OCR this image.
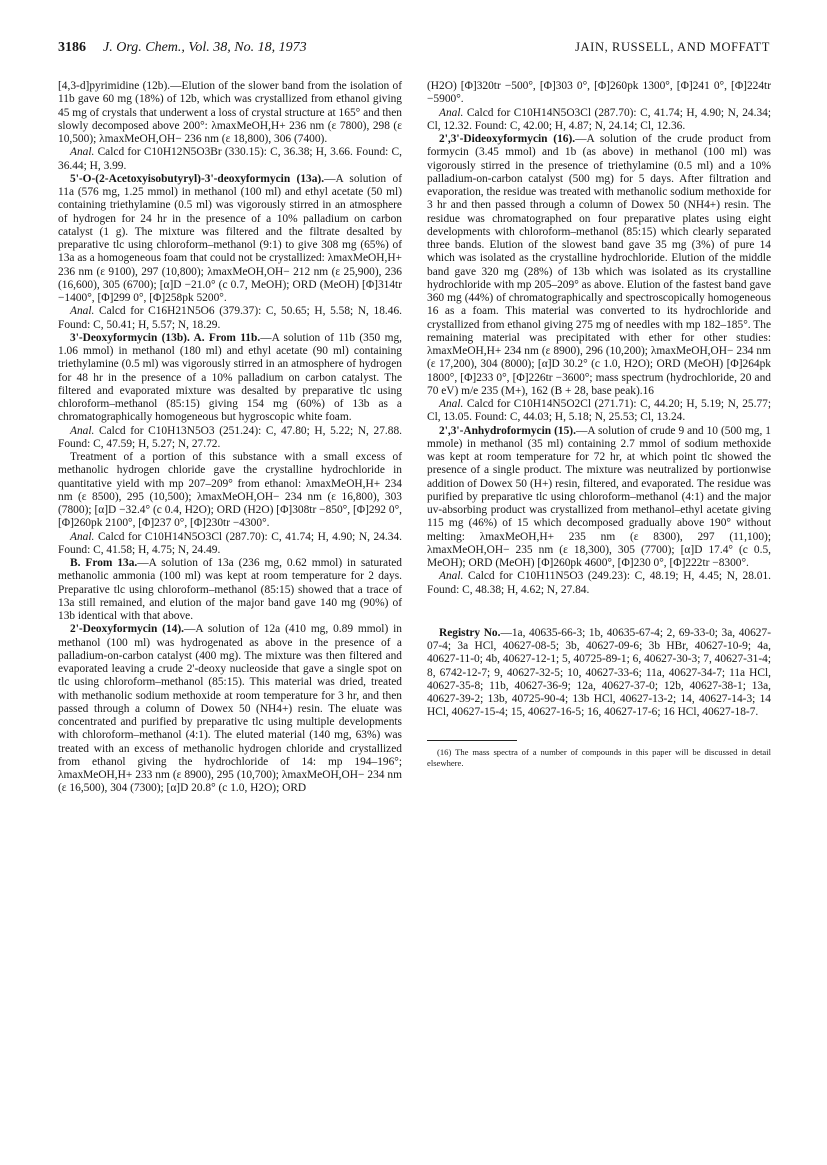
3186 J. Org. Chem., Vol. 38, No. 18, 1973	JAIN, RUSSELL, AND MOFFATT

[4,3-d]pyrimidine (12b).—Elution of the slower band from the isolation of 11b gave 60 mg (18%) of 12b, which was crystallized from ethanol giving 45 mg of crystals that underwent a loss of crystal structure at 165° and then slowly decomposed above 200°: λmaxMeOH,H+ 236 nm (ε 7800), 298 (ε 10,500); λmaxMeOH,OH− 236 nm (ε 18,800), 306 (7400).

Anal. Calcd for C10H12N5O3Br (330.15): C, 36.38; H, 3.66. Found: C, 36.44; H, 3.99.

5'-O-(2-Acetoxyisobutyryl)-3'-deoxyformycin (13a).—A solution of 11a (576 mg, 1.25 mmol) in methanol (100 ml) and ethyl acetate (50 ml) containing triethylamine (0.5 ml) was vigorously stirred in an atmosphere of hydrogen for 24 hr in the presence of a 10% palladium on carbon catalyst (1 g). The mixture was filtered and the filtrate desalted by preparative tlc using chloroform–methanol (9:1) to give 308 mg (65%) of 13a as a homogeneous foam that could not be crystallized: λmaxMeOH,H+ 236 nm (ε 9100), 297 (10,800); λmaxMeOH,OH− 212 nm (ε 25,900), 236 (16,600), 305 (6700); [α]D −21.0° (c 0.7, MeOH); ORD (MeOH) [Φ]314tr −1400°, [Φ]299 0°, [Φ]258pk 5200°.

Anal. Calcd for C16H21N5O6 (379.37): C, 50.65; H, 5.58; N, 18.46. Found: C, 50.41; H, 5.57; N, 18.29.

3'-Deoxyformycin (13b). A. From 11b.—A solution of 11b (350 mg, 1.06 mmol) in methanol (180 ml) and ethyl acetate (90 ml) containing triethylamine (0.5 ml) was vigorously stirred in an atmosphere of hydrogen for 48 hr in the presence of a 10% palladium on carbon catalyst. The filtered and evaporated mixture was desalted by preparative tlc using chloroform–methanol (85:15) giving 154 mg (60%) of 13b as a chromatographically homogeneous but hygroscopic white foam.

Anal. Calcd for C10H13N5O3 (251.24): C, 47.80; H, 5.22; N, 27.88. Found: C, 47.59; H, 5.27; N, 27.72.

Treatment of a portion of this substance with a small excess of methanolic hydrogen chloride gave the crystalline hydrochloride in quantitative yield with mp 207–209° from ethanol: λmaxMeOH,H+ 234 nm (ε 8500), 295 (10,500); λmaxMeOH,OH− 234 nm (ε 16,800), 303 (7800); [α]D −32.4° (c 0.4, H2O); ORD (H2O) [Φ]308tr −850°, [Φ]292 0°, [Φ]260pk 2100°, [Φ]237 0°, [Φ]230tr −4300°.

Anal. Calcd for C10H14N5O3Cl (287.70): C, 41.74; H, 4.90; N, 24.34. Found: C, 41.58; H, 4.75; N, 24.49.

B. From 13a.—A solution of 13a (236 mg, 0.62 mmol) in saturated methanolic ammonia (100 ml) was kept at room temperature for 2 days. Preparative tlc using chloroform–methanol (85:15) showed that a trace of 13a still remained, and elution of the major band gave 140 mg (90%) of 13b identical with that above.

2'-Deoxyformycin (14).—A solution of 12a (410 mg, 0.89 mmol) in methanol (100 ml) was hydrogenated as above in the presence of a palladium-on-carbon catalyst (400 mg). The mixture was then filtered and evaporated leaving a crude 2'-deoxy nucleoside that gave a single spot on tlc using chloroform–methanol (85:15). This material was dried, treated with methanolic sodium methoxide at room temperature for 3 hr, and then passed through a column of Dowex 50 (NH4+) resin. The eluate was concentrated and purified by preparative tlc using multiple developments with chloroform–methanol (4:1). The eluted material (140 mg, 63%) was treated with an excess of methanolic hydrogen chloride and crystallized from ethanol giving the hydrochloride of 14: mp 194–196°; λmaxMeOH,H+ 233 nm (ε 8900), 295 (10,700); λmaxMeOH,OH− 234 nm (ε 16,500), 304 (7300); [α]D 20.8° (c 1.0, H2O); ORD

(H2O) [Φ]320tr −500°, [Φ]303 0°, [Φ]260pk 1300°, [Φ]241 0°, [Φ]224tr −5900°.

Anal. Calcd for C10H14N5O3Cl (287.70): C, 41.74; H, 4.90; N, 24.34; Cl, 12.32. Found: C, 42.00; H, 4.87; N, 24.14; Cl, 12.36.

2',3'-Dideoxyformycin (16).—A solution of the crude product from formycin (3.45 mmol) and 1b (as above) in methanol (100 ml) was vigorously stirred in the presence of triethylamine (0.5 ml) and a 10% palladium-on-carbon catalyst (500 mg) for 5 days. After filtration and evaporation, the residue was treated with methanolic sodium methoxide for 3 hr and then passed through a column of Dowex 50 (NH4+) resin. The residue was chromatographed on four preparative plates using eight developments with chloroform–methanol (85:15) which clearly separated three bands. Elution of the slowest band gave 35 mg (3%) of pure 14 which was isolated as the crystalline hydrochloride. Elution of the middle band gave 320 mg (28%) of 13b which was isolated as its crystalline hydrochloride with mp 205–209° as above. Elution of the fastest band gave 360 mg (44%) of chromatographically and spectroscopically homogeneous 16 as a foam. This material was converted to its hydrochloride and crystallized from ethanol giving 275 mg of needles with mp 182–185°. The remaining material was precipitated with ether for other studies: λmaxMeOH,H+ 234 nm (ε 8900), 296 (10,200); λmaxMeOH,OH− 234 nm (ε 17,200), 304 (8000); [α]D 30.2° (c 1.0, H2O); ORD (MeOH) [Φ]264pk 1800°, [Φ]233 0°, [Φ]226tr −3600°; mass spectrum (hydrochloride, 20 and 70 eV) m/e 235 (M+), 162 (B + 28, base peak).16

Anal. Calcd for C10H14N5O2Cl (271.71): C, 44.20; H, 5.19; N, 25.77; Cl, 13.05. Found: C, 44.03; H, 5.18; N, 25.53; Cl, 13.24.

2',3'-Anhydroformycin (15).—A solution of crude 9 and 10 (500 mg, 1 mmole) in methanol (35 ml) containing 2.7 mmol of sodium methoxide was kept at room temperature for 72 hr, at which point tlc showed the presence of a single product. The mixture was neutralized by portionwise addition of Dowex 50 (H+) resin, filtered, and evaporated. The residue was purified by preparative tlc using chloroform–methanol (4:1) and the major uv-absorbing product was crystallized from methanol–ethyl acetate giving 115 mg (46%) of 15 which decomposed gradually above 190° without melting: λmaxMeOH,H+ 235 nm (ε 8300), 297 (11,100); λmaxMeOH,OH− 235 nm (ε 18,300), 305 (7700); [α]D 17.4° (c 0.5, MeOH); ORD (MeOH) [Φ]260pk 4600°, [Φ]230 0°, [Φ]222tr −8300°.

Anal. Calcd for C10H11N5O3 (249.23): C, 48.19; H, 4.45; N, 28.01. Found: C, 48.38; H, 4.62; N, 27.84.

Registry No.—1a, 40635-66-3; 1b, 40635-67-4; 2, 69-33-0; 3a, 40627-07-4; 3a HCl, 40627-08-5; 3b, 40627-09-6; 3b HBr, 40627-10-9; 4a, 40627-11-0; 4b, 40627-12-1; 5, 40725-89-1; 6, 40627-30-3; 7, 40627-31-4; 8, 6742-12-7; 9, 40627-32-5; 10, 40627-33-6; 11a, 40627-34-7; 11a HCl, 40627-35-8; 11b, 40627-36-9; 12a, 40627-37-0; 12b, 40627-38-1; 13a, 40627-39-2; 13b, 40725-90-4; 13b HCl, 40627-13-2; 14, 40627-14-3; 14 HCl, 40627-15-4; 15, 40627-16-5; 16, 40627-17-6; 16 HCl, 40627-18-7.

(16) The mass spectra of a number of compounds in this paper will be discussed in detail elsewhere.
